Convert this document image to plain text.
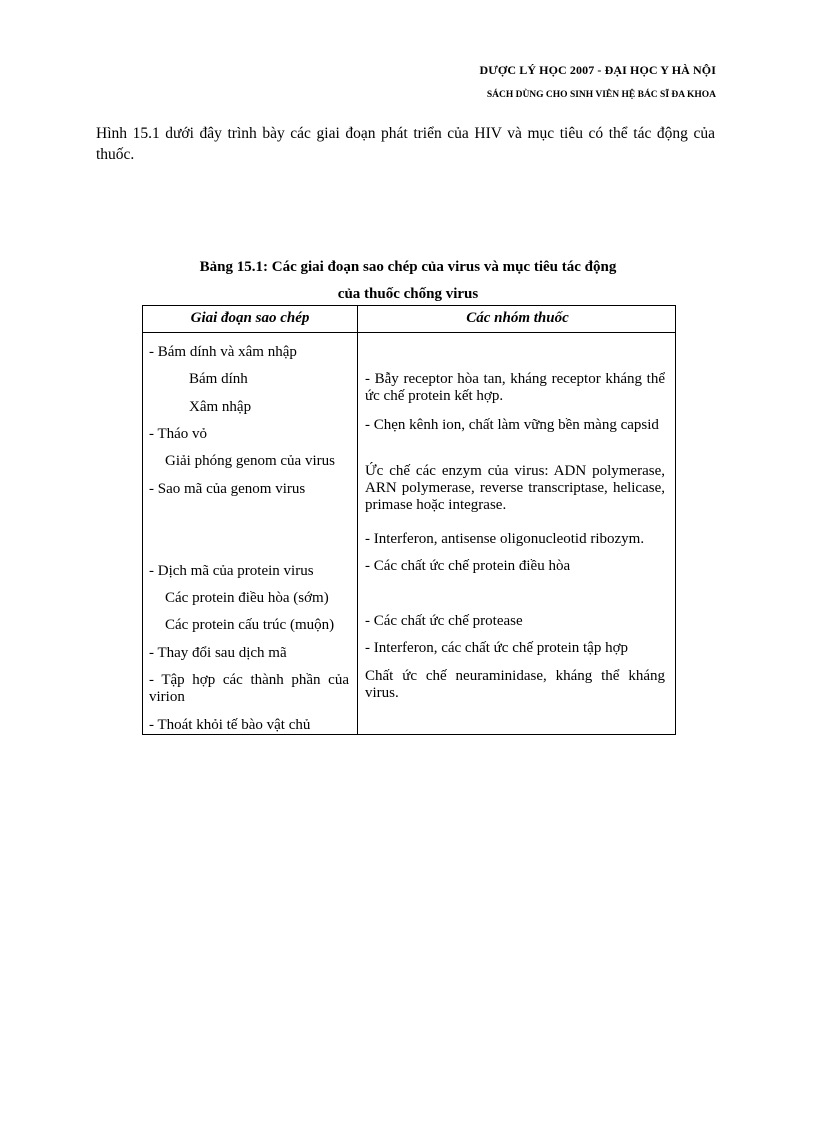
DƯỢC LÝ HỌC 2007 - ĐẠI HỌC Y HÀ NỘI
SÁCH DÙNG CHO SINH VIÊN HỆ BÁC SĨ ĐA KHOA
Hình 15.1 dưới đây trình bày các giai đoạn phát triển của HIV và mục tiêu có thể tác động của thuốc.
Bảng 15.1: Các giai đoạn sao chép của virus và mục tiêu tác động
của thuốc chống virus
Giai đoạn sao chép	Các nhóm thuốc
- Bám dính và xâm nhập
Bám dính
Xâm nhập
- Tháo vỏ
Giải phóng genom của virus
- Sao mã của genom virus
- Dịch mã của protein virus
Các protein điều hòa (sớm)
Các protein cấu trúc (muộn)
- Thay đổi sau dịch mã
- Tập hợp các thành phần của virion
- Thoát khỏi tế bào vật chủ
- Bẫy receptor hòa tan, kháng receptor kháng thể ức chế protein kết hợp.
- Chẹn kênh ion, chất làm vững bền màng capsid
Ức chế các enzym của virus: ADN polymerase, ARN polymerase, reverse transcriptase, helicase, primase hoặc integrase.
- Interferon, antisense oligonucleotid ribozym.
- Các chất ức chế protein điều hòa
- Các chất ức chế protease
- Interferon, các chất ức chế protein tập hợp
Chất ức chế neuraminidase, kháng thể kháng virus.
